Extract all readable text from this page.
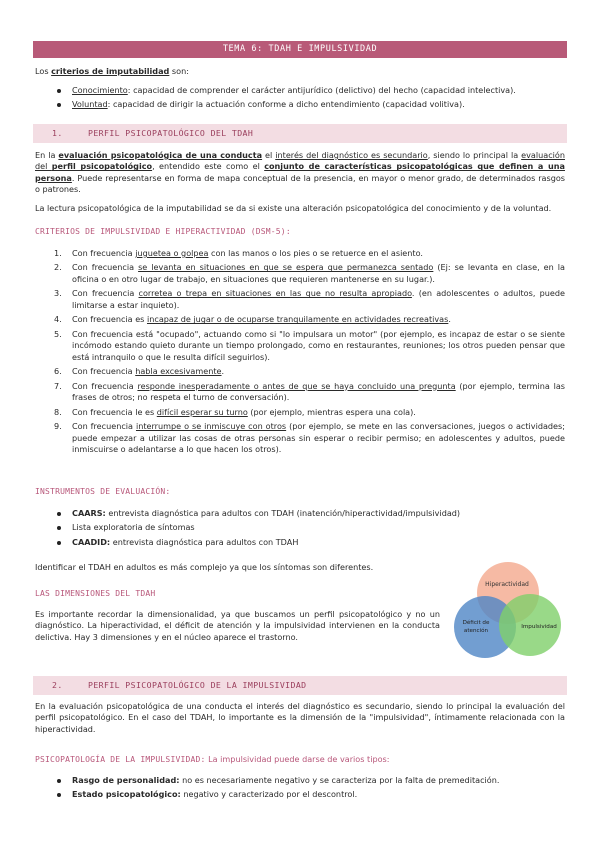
TEMA 6: TDAH E IMPULSIVIDAD

Los criterios de imputabilidad son:

Conocimiento: capacidad de comprender el carácter antijurídico (delictivo) del hecho (capacidad intelectiva).
Voluntad: capacidad de dirigir la actuación conforme a dicho entendimiento (capacidad volitiva).
1.	PERFIL PSICOPATOLÓGICO DEL TDAH

En la evaluación psicopatológica de una conducta el interés del diagnóstico es secundario, siendo lo principal la evaluación del perfil psicopatológico, entendido este como el conjunto de características psicopatológicas que definen a una persona. Puede representarse en forma de mapa conceptual de la presencia, en mayor o menor grado, de determinados rasgos o patrones.

La lectura psicopatológica de la imputabilidad se da si existe una alteración psicopatológica del conocimiento y de la voluntad.

CRITERIOS DE IMPULSIVIDAD E HIPERACTIVIDAD (DSM-5):
1. Con frecuencia juguetea o golpea con las manos o los pies o se retuerce en el asiento.
2. Con frecuencia se levanta en situaciones en que se espera que permanezca sentado (Ej: se levanta en clase, en la oficina o en otro lugar de trabajo, en situaciones que requieren mantenerse en su lugar.).
3. Con frecuencia corretea o trepa en situaciones en las que no resulta apropiado. (en adolescentes o adultos, puede limitarse a estar inquieto).
4. Con frecuencia es incapaz de jugar o de ocuparse tranquilamente en actividades recreativas.
5. Con frecuencia está "ocupado", actuando como si "lo impulsara un motor" (por ejemplo, es incapaz de estar o se siente incómodo estando quieto durante un tiempo prolongado, como en restaurantes, reuniones; los otros pueden pensar que está intranquilo o que le resulta difícil seguirlos).
6. Con frecuencia habla excesivamente.
7. Con frecuencia responde inesperadamente o antes de que se haya concluido una pregunta (por ejemplo, termina las frases de otros; no respeta el turno de conversación).
8. Con frecuencia le es difícil esperar su turno (por ejemplo, mientras espera una cola).
9. Con frecuencia interrumpe o se inmiscuye con otros (por ejemplo, se mete en las conversaciones, juegos o actividades; puede empezar a utilizar las cosas de otras personas sin esperar o recibir permiso; en adolescentes y adultos, puede inmiscuirse o adelantarse a lo que hacen los otros).
INSTRUMENTOS DE EVALUACIÓN:
CAARS: entrevista diagnóstica para adultos con TDAH (inatención/hiperactividad/impulsividad)
Lista exploratoria de síntomas
CAADID: entrevista diagnóstica para adultos con TDAH

Identificar el TDAH en adultos es más complejo ya que los síntomas son diferentes.

LAS DIMENSIONES DEL TDAH

Es importante recordar la dimensionalidad, ya que buscamos un perfil psicopatológico y no un diagnóstico. La hiperactividad, el déficit de atención y la impulsividad intervienen en la conducta delictiva. Hay 3 dimensiones y en el núcleo aparece el trastorno.

Hiperactividad
Déficit de
atención
Impulsividad
2.	PERFIL PSICOPATOLÓGICO DE LA IMPULSIVIDAD

En la evaluación psicopatológica de una conducta el interés del diagnóstico es secundario, siendo lo principal la evaluación del perfil psicopatológico. En el caso del TDAH, lo importante es la dimensión de la "impulsividad", íntimamente relacionada con la hiperactividad.

PSICOPATOLOGÍA DE LA IMPULSIVIDAD: La impulsividad puede darse de varios tipos:
Rasgo de personalidad: no es necesariamente negativo y se caracteriza por la falta de premeditación.
Estado psicopatológico: negativo y caracterizado por el descontrol.
